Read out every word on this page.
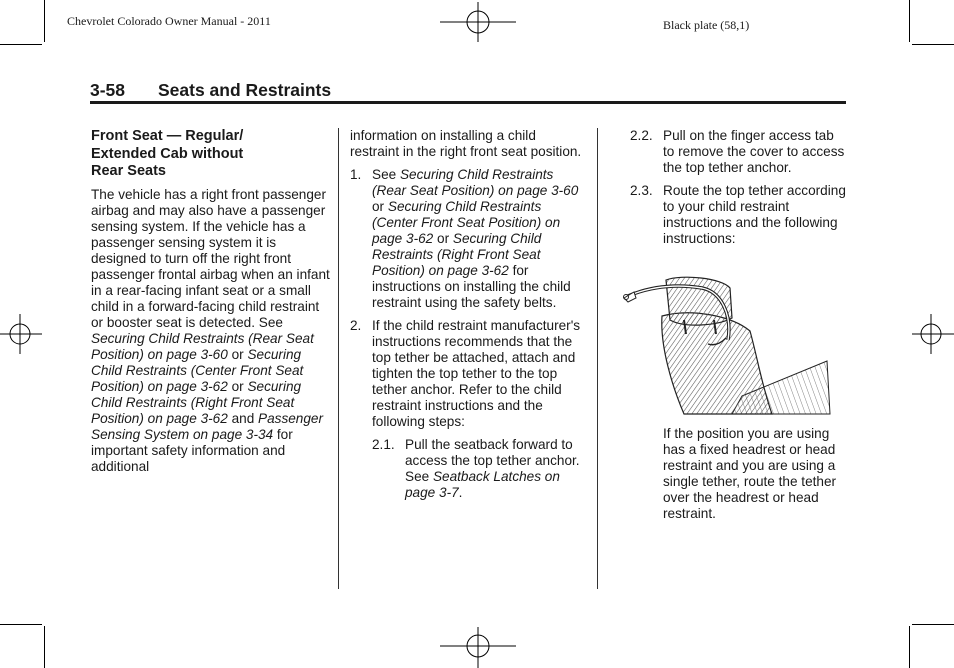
Chevrolet Colorado Owner Manual - 2011	Black plate (58,1)
3-58 Seats and Restraints
Front Seat — Regular/
Extended Cab without
Rear Seats

The vehicle has a right front passenger airbag and may also have a passenger sensing system. If the vehicle has a passenger sensing system it is designed to turn off the right front passenger frontal airbag when an infant in a rear-facing infant seat or a small child in a forward-facing child restraint or booster seat is detected. See Securing Child Restraints (Rear Seat Position) on page 3-60 or Securing Child Restraints (Center Front Seat Position) on page 3-62 or Securing Child Restraints (Right Front Seat Position) on page 3-62 and Passenger Sensing System on page 3-34 for important safety information and additional

information on installing a child restraint in the right front seat position.

1. See Securing Child Restraints (Rear Seat Position) on page 3-60 or Securing Child Restraints (Center Front Seat Position) on page 3-62 or Securing Child Restraints (Right Front Seat Position) on page 3-62 for instructions on installing the child restraint using the safety belts.
2. If the child restraint manufacturer's instructions recommends that the top tether be attached, attach and tighten the top tether to the top tether anchor. Refer to the child restraint instructions and the following steps:
2.1. Pull the seatback forward to access the top tether anchor. See Seatback Latches on page 3-7.
2.2. Pull on the finger access tab to remove the cover to access the top tether anchor.
2.3. Route the top tether according to your child restraint instructions and the following instructions:
If the position you are using has a fixed headrest or head restraint and you are using a single tether, route the tether over the headrest or head restraint.
